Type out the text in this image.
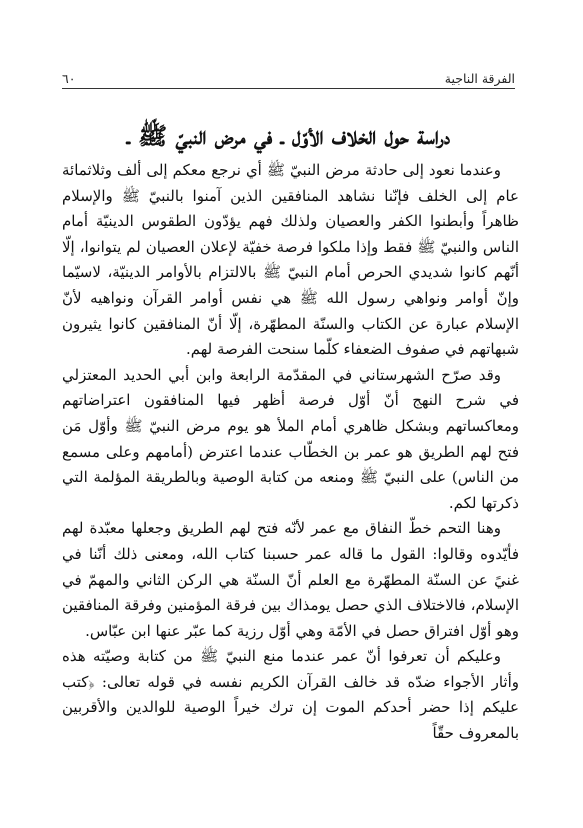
الفرقة الناجية
٦٠
دراسة حول الخلاف الأوّل ـ في مرض النبيّ ﷺ ـ

وعندما نعود إلى حادثة مرض النبيّ ﷺ أي نرجع معكم إلى ألف وثلاثمائة عام إلى الخلف فإنّنا نشاهد المنافقين الذين آمنوا بالنبيّ ﷺ والإسلام ظاهراً وأبطنوا الكفر والعصيان ولذلك فهم يؤدّون الطقوس الدينيّة أمام الناس والنبيّ ﷺ فقط وإذا ملكوا فرصة خفيّة لإعلان العصيان لم يتوانوا، إلّا أنّهم كانوا شديدي الحرص أمام النبيّ ﷺ بالالتزام بالأوامر الدينيّة، لاسيّما وإنّ أوامر ونواهي رسول الله ﷺ هي نفس أوامر القرآن ونواهيه لأنّ الإسلام عبارة عن الكتاب والسنّة المطهّرة، إلّا أنّ المنافقين كانوا يثيرون شبهاتهم في صفوف الضعفاء كلّما سنحت الفرصة لهم.

وقد صرّح الشهرستاني في المقدّمة الرابعة وابن أبي الحديد المعتزلي في شرح النهج أنّ أوّل فرصة أظهر فيها المنافقون اعتراضاتهم ومعاكساتهم وبشكل ظاهري أمام الملأ هو يوم مرض النبيّ ﷺ وأوّل مَن فتح لهم الطريق هو عمر بن الخطّاب عندما اعترض (أمامهم وعلى مسمع من الناس) على النبيّ ﷺ ومنعه من كتابة الوصية وبالطريقة المؤلمة التي ذكرتها لكم.

وهنا التحم خطّ النفاق مع عمر لأنّه فتح لهم الطريق وجعلها معبّدة لهم فأيّدوه وقالوا: القول ما قاله عمر حسبنا كتاب الله، ومعنى ذلك أنّنا في غنيً عن السنّة المطهّرة مع العلم أنّ السنّة هي الركن الثاني والمهمّ في الإسلام، فالاختلاف الذي حصل يومذاك بين فرقة المؤمنين وفرقة المنافقين وهو أوّل افتراق حصل في الأمّة وهي أوّل رزية كما عبّر عنها ابن عبّاس.

وعليكم أن تعرفوا أنّ عمر عندما منع النبيّ ﷺ من كتابة وصيّته هذه وأثار الأجواء ضدّه قد خالف القرآن الكريم نفسه في قوله تعالى: ﴿كتب عليكم إذا حضر أحدكم الموت إن ترك خيراً الوصية للوالدين والأقربين بالمعروف حقّاً
